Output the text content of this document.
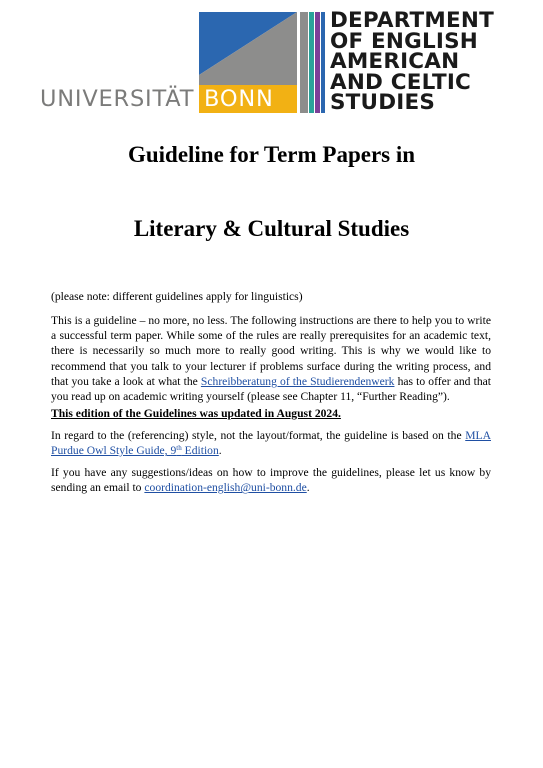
UNIVERSITÄT BONN
DEPARTMENT
OF ENGLISH
AMERICAN
AND CELTIC
STUDIES
Guideline for Term Papers in
Literary & Cultural Studies

(please note: different guidelines apply for linguistics)

This is a guideline – no more, no less. The following instructions are there to help you to write a successful term paper. While some of the rules are really prerequisites for an academic text, there is necessarily so much more to really good writing. This is why we would like to recommend that you talk to your lecturer if problems surface during the writing process, and that you take a look at what the Schreibberatung of the Studierendenwerk has to offer and that you read up on academic writing yourself (please see Chapter 11, “Further Reading”).

This edition of the Guidelines was updated in August 2024.

In regard to the (referencing) style, not the layout/format, the guideline is based on the MLA Purdue Owl Style Guide, 9th Edition.

If you have any suggestions/ideas on how to improve the guidelines, please let us know by sending an email to coordination-english@uni-bonn.de.
